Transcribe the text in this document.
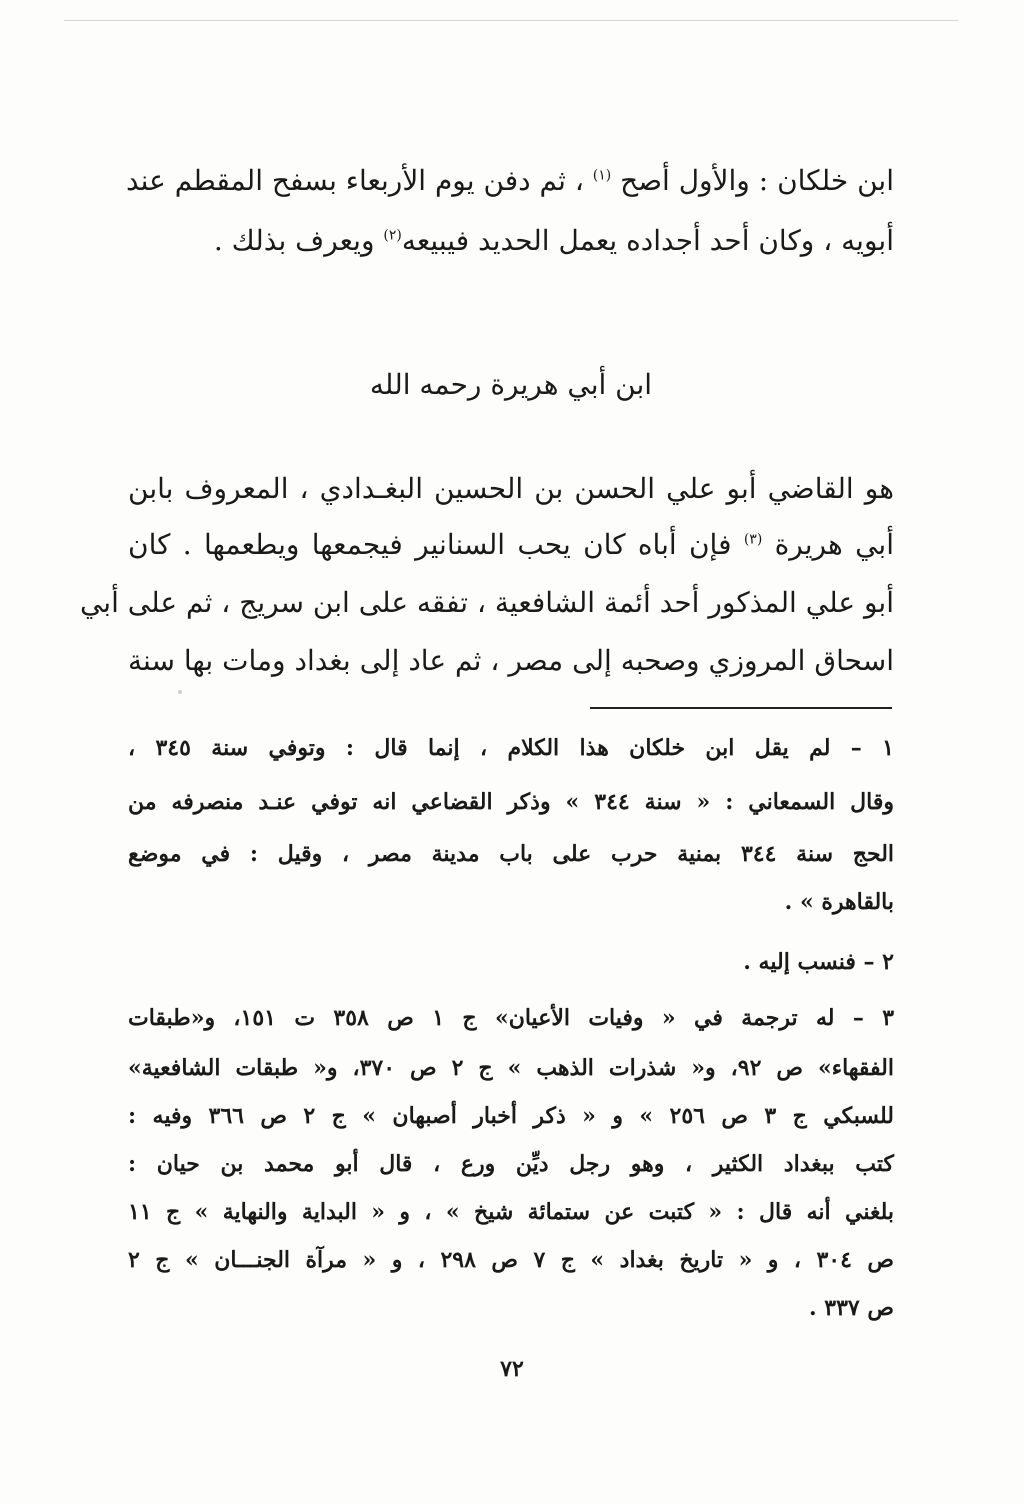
ابن خلكان : والأول أصح $^{(١)}$ ، ثم دفن يوم الأربعاء بسفح المقطم عند
أبويه ، وكان أحد أجداده يعمل الحديد فيبيعه$^{(٢)}$ ويعرف بذلك .
ابن أبي هريرة رحمه الله
هو القاضي أبو علي الحسن بن الحسين البغـدادي ، المعروف بابن
أبي هريرة $^{(٣)}$ فإن أباه كان يحب السنانير فيجمعها ويطعمها . كان
أبو علي المذكور أحد أئمة الشافعية ، تفقه على ابن سريج ، ثم على أبي
اسحاق المروزي وصحبه إلى مصر ، ثم عاد إلى بغداد ومات بها سنة
١ – لم يقل ابن خلكان هذا الكلام ، إنما قال : وتوفي سنة ٣٤٥ ،
وقال السمعاني : « سنة ٣٤٤ » وذكر القضاعي انه توفي عنـد منصرفه من
الحج سنة ٣٤٤ بمنية حرب على باب مدينة مصر ، وقيل : في موضع
بالقاهرة » .
٢ – فنسب إليه .
٣ – له ترجمة في « وفيات الأعيان» ج ١ ص ٣٥٨ ت ١٥١، و«طبقات
الفقهاء» ص ٩٢، و« شذرات الذهب » ج ٢ ص ٣٧٠، و« طبقات الشافعية»
للسبكي ج ٣ ص ٢٥٦ » و « ذكر أخبار أصبهان » ج ٢ ص ٣٦٦ وفيه :
كتب ببغداد الكثير ، وهو رجل ديِّن ورع ، قال أبو محمد بن حيان :
بلغني أنه قال : « كتبت عن ستمائة شيخ » ، و « البداية والنهاية » ج ١١
ص ٣٠٤ ، و « تاريخ بغداد » ج ٧ ص ٢٩٨ ، و « مرآة الجنـــان » ج ٢
ص ٣٣٧ .
٧٢
